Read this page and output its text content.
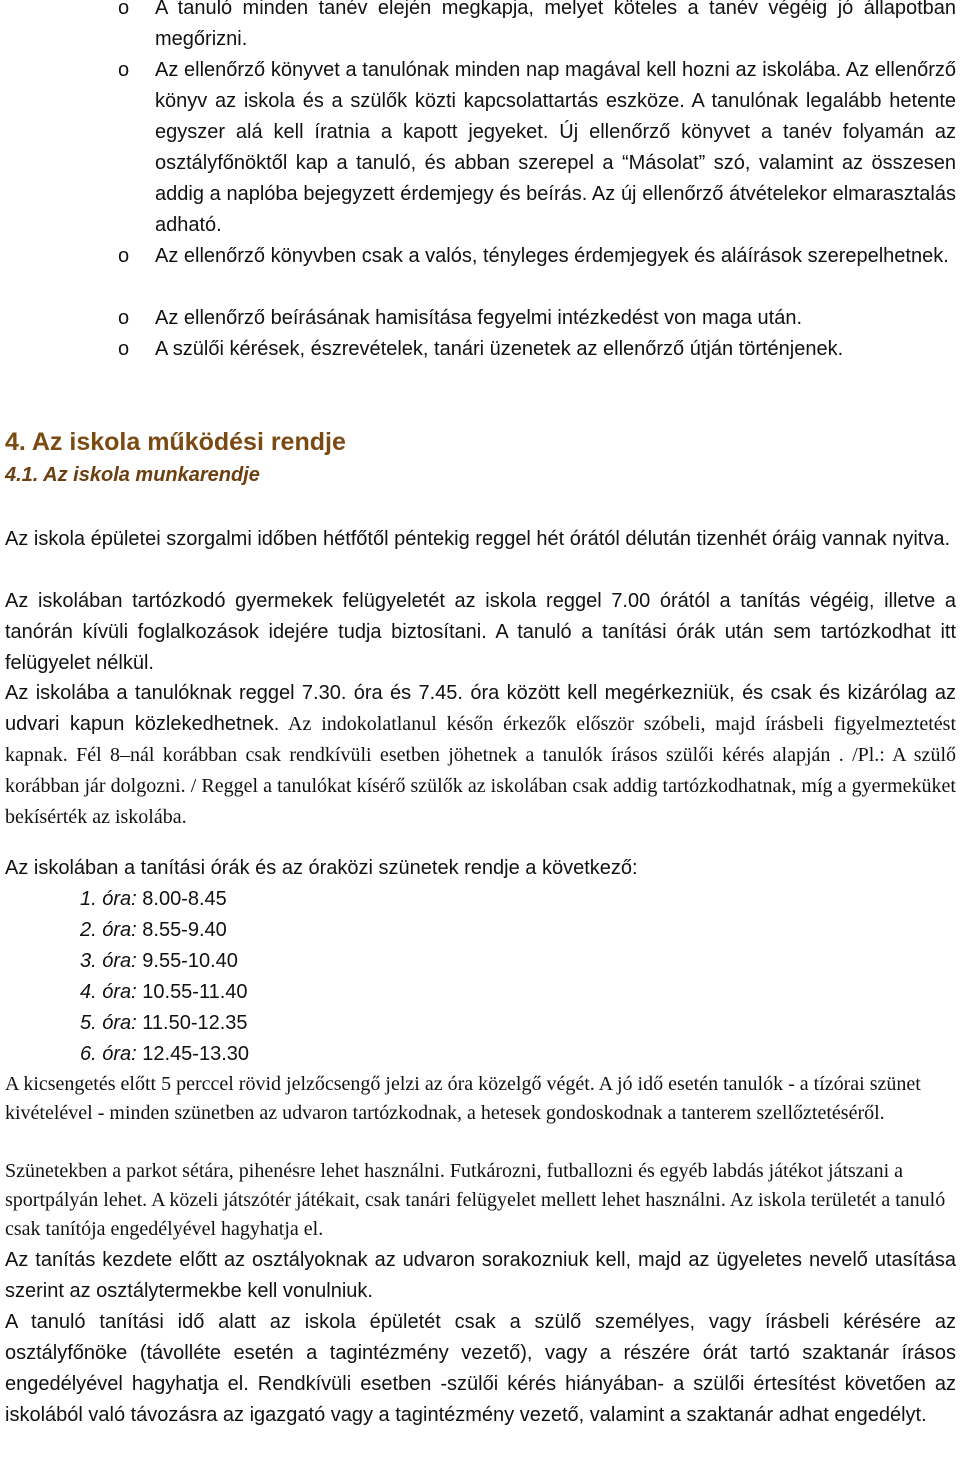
o A tanuló minden tanév elején megkapja, melyet köteles a tanév végéig jó állapotban megőrizni.
o Az ellenőrző könyvet a tanulónak minden nap magával kell hozni az iskolába. Az ellenőrző könyv az iskola és a szülők közti kapcsolattartás eszköze. A tanulónak legalább hetente egyszer alá kell íratnia a kapott jegyeket. Új ellenőrző könyvet a tanév folyamán az osztályfőnöktől kap a tanuló, és abban szerepel a “Másolat” szó, valamint az összesen addig a naplóba bejegyzett érdemjegy és beírás. Az új ellenőrző átvételekor elmarasztalás adható.
o Az ellenőrző könyvben csak a valós, tényleges érdemjegyek és aláírások szerepelhetnek.
o Az ellenőrző beírásának hamisítása fegyelmi intézkedést von maga után.
o A szülői kérések, észrevételek, tanári üzenetek az ellenőrző útján történjenek.
4. Az iskola működési rendje
4.1. Az iskola munkarendje
Az iskola épületei szorgalmi időben hétfőtől péntekig reggel hét órától délután tizenhét óráig vannak nyitva.
Az iskolában tartózkodó gyermekek felügyeletét az iskola reggel 7.00 órától a tanítás végéig, illetve a tanórán kívüli foglalkozások idejére tudja biztosítani. A tanuló a tanítási órák után sem tartózkodhat itt felügyelet nélkül.
Az iskolába a tanulóknak reggel 7.30. óra és 7.45. óra között kell megérkezniük, és csak és kizárólag az udvari kapun közlekedhetnek. Az indokolatlanul későn érkezők először szóbeli, majd írásbeli figyelmeztetést kapnak. Fél 8–nál korábban csak rendkívüli esetben jöhetnek a tanulók írásos szülői kérés alapján . /Pl.: A szülő korábban jár dolgozni. / Reggel a tanulókat kísérő szülők az iskolában csak addig tartózkodhatnak, míg a gyermeküket bekísérték az iskolába.
Az iskolában a tanítási órák és az óraközi szünetek rendje a következő:
1. óra: 8.00-8.45
2. óra: 8.55-9.40
3. óra: 9.55-10.40
4. óra: 10.55-11.40
5. óra: 11.50-12.35
6. óra: 12.45-13.30
A kicsengetés előtt 5 perccel rövid jelzőcsengő jelzi az óra közelgő végét. A jó idő esetén tanulók - a tízórai szünet kivételével - minden szünetben az udvaron tartózkodnak, a hetesek gondoskodnak a tanterem szellőztetéséről.
Szünetekben a parkot sétára, pihenésre lehet használni. Futkározni, futballozni és egyéb labdás játékot játszani a sportpályán lehet. A közeli játszótér játékait, csak tanári felügyelet mellett lehet használni. Az iskola területét a tanuló csak tanítója engedélyével hagyhatja el.
Az tanítás kezdete előtt az osztályoknak az udvaron sorakozniuk kell, majd az ügyeletes nevelő utasítása szerint az osztálytermekbe kell vonulniuk.
A tanuló tanítási idő alatt az iskola épületét csak a szülő személyes, vagy írásbeli kérésére az osztályfőnöke (távolléte esetén a tagintézmény vezető), vagy a részére órát tartó szaktanár írásos engedélyével hagyhatja el. Rendkívüli esetben -szülői kérés hiányában- a szülői értesítést követően az iskolából való távozásra az igazgató vagy a tagintézmény vezető, valamint a szaktanár adhat engedélyt.
